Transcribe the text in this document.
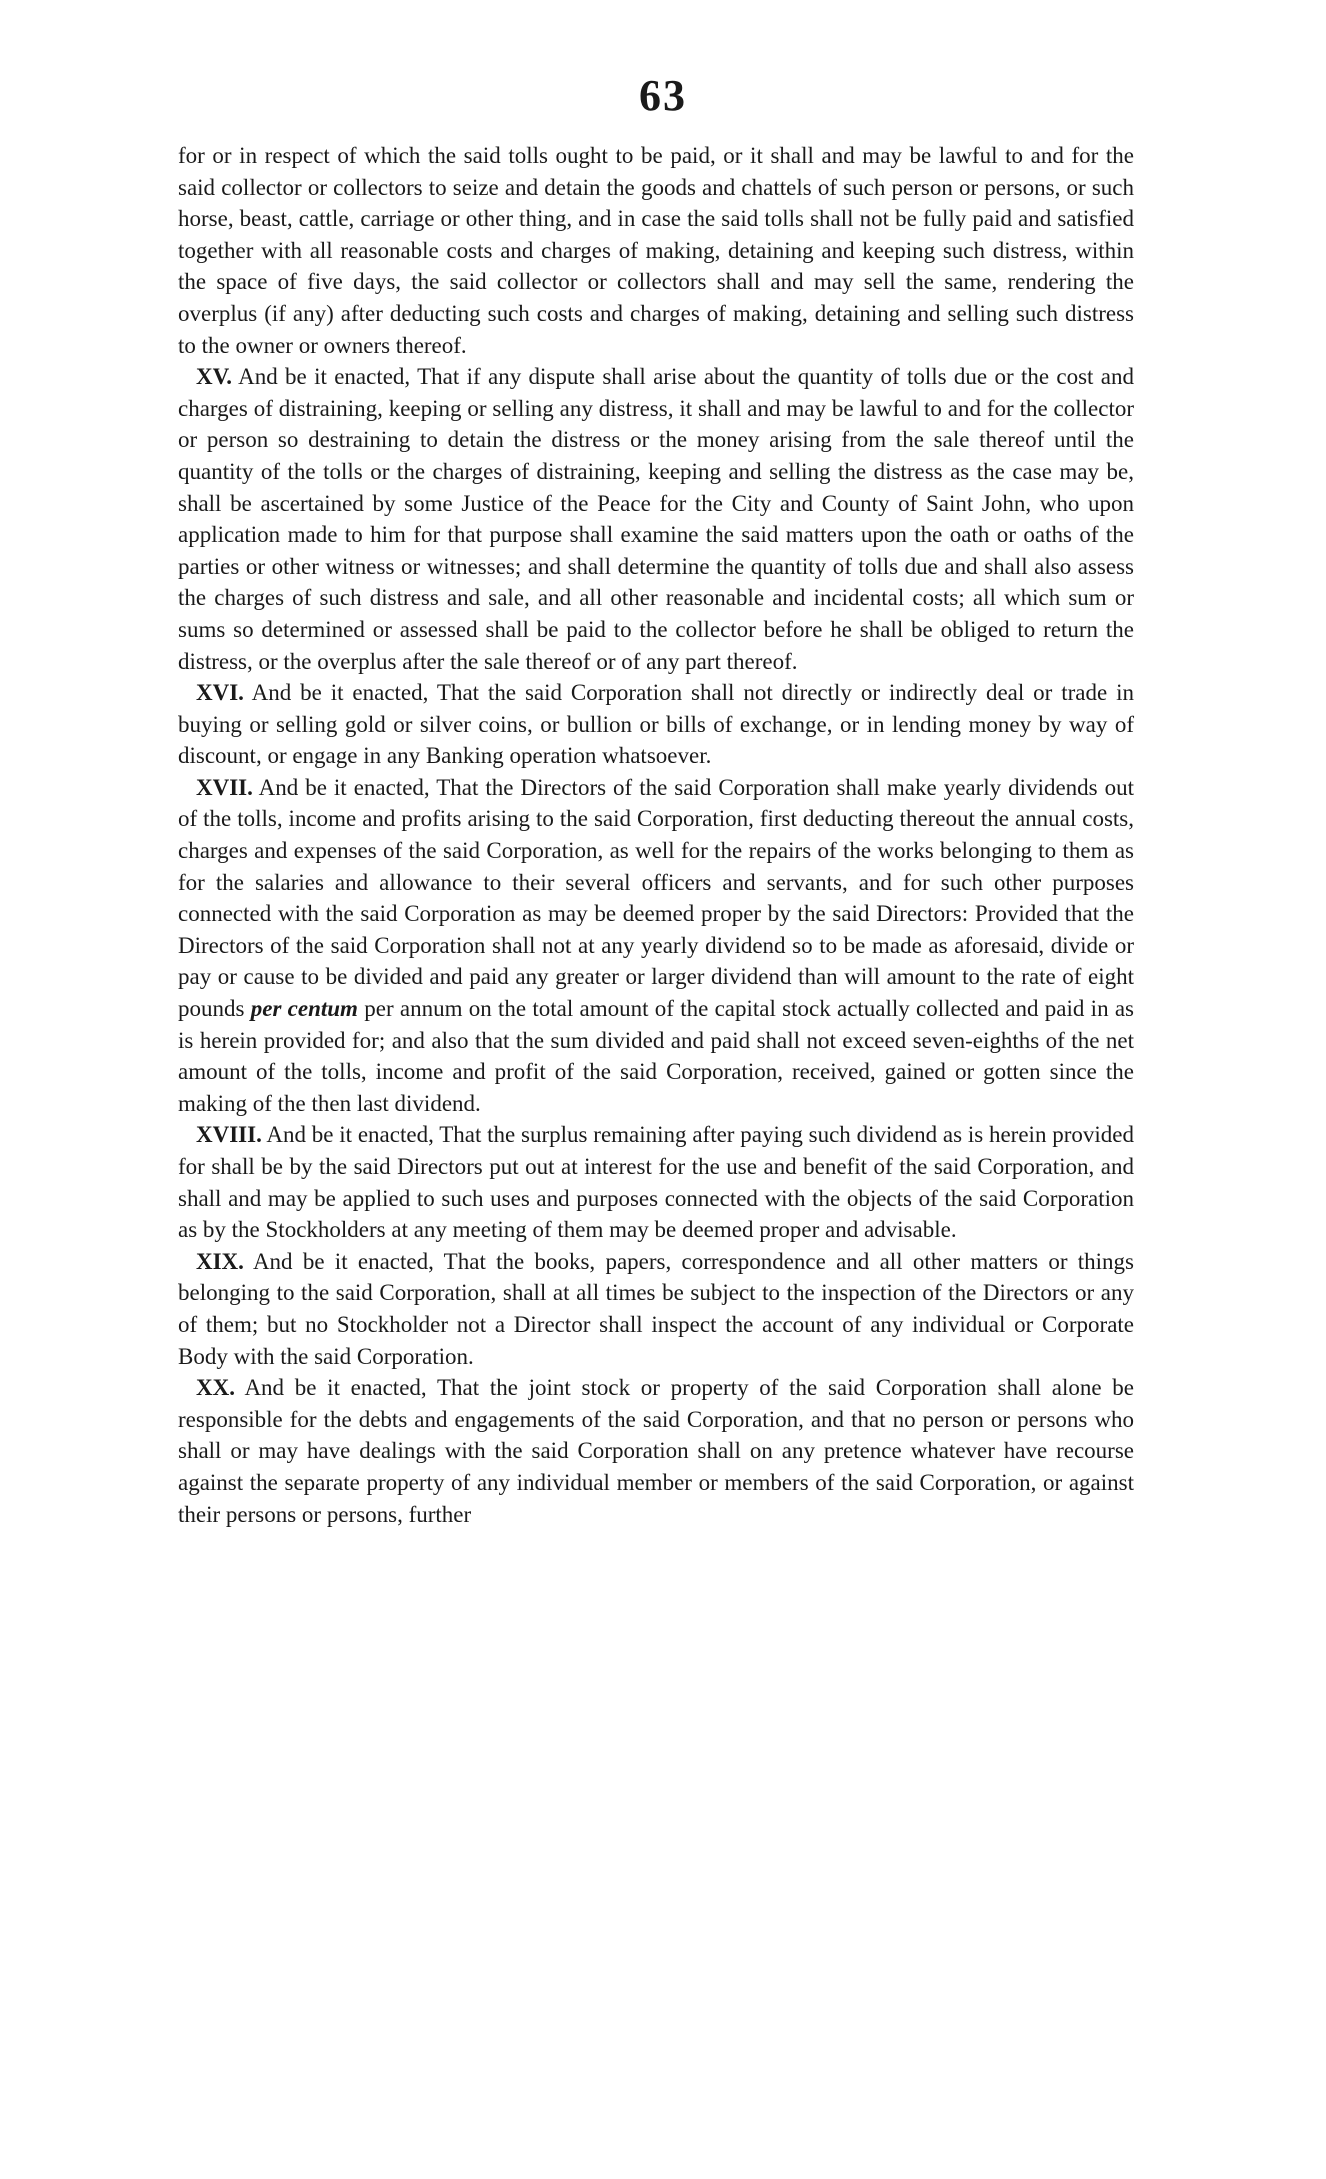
63

for or in respect of which the said tolls ought to be paid, or it shall and may be lawful to and for the said collector or collectors to seize and detain the goods and chattels of such person or persons, or such horse, beast, cattle, carriage or other thing, and in case the said tolls shall not be fully paid and satisfied together with all reasonable costs and charges of making, detaining and keeping such distress, within the space of five days, the said collector or collectors shall and may sell the same, rendering the overplus (if any) after deducting such costs and charges of making, detaining and selling such distress to the owner or owners thereof.

XV. And be it enacted, That if any dispute shall arise about the quantity of tolls due or the cost and charges of distraining, keeping or selling any distress, it shall and may be lawful to and for the collector or person so destraining to detain the distress or the money arising from the sale thereof until the quantity of the tolls or the charges of distraining, keeping and selling the distress as the case may be, shall be ascertained by some Justice of the Peace for the City and County of Saint John, who upon application made to him for that purpose shall examine the said matters upon the oath or oaths of the parties or other witness or witnesses; and shall determine the quantity of tolls due and shall also assess the charges of such distress and sale, and all other reasonable and incidental costs; all which sum or sums so determined or assessed shall be paid to the collector before he shall be obliged to return the distress, or the overplus after the sale thereof or of any part thereof.

XVI. And be it enacted, That the said Corporation shall not directly or indirectly deal or trade in buying or selling gold or silver coins, or bullion or bills of exchange, or in lending money by way of discount, or engage in any Banking operation whatsoever.

XVII. And be it enacted, That the Directors of the said Corporation shall make yearly dividends out of the tolls, income and profits arising to the said Corporation, first deducting thereout the annual costs, charges and expenses of the said Corporation, as well for the repairs of the works belonging to them as for the salaries and allowance to their several officers and servants, and for such other purposes connected with the said Corporation as may be deemed proper by the said Directors: Provided that the Directors of the said Corporation shall not at any yearly dividend so to be made as aforesaid, divide or pay or cause to be divided and paid any greater or larger dividend than will amount to the rate of eight pounds per centum per annum on the total amount of the capital stock actually collected and paid in as is herein provided for; and also that the sum divided and paid shall not exceed seven-eighths of the net amount of the tolls, income and profit of the said Corporation, received, gained or gotten since the making of the then last dividend.

XVIII. And be it enacted, That the surplus remaining after paying such dividend as is herein provided for shall be by the said Directors put out at interest for the use and benefit of the said Corporation, and shall and may be applied to such uses and purposes connected with the objects of the said Corporation as by the Stockholders at any meeting of them may be deemed proper and advisable.

XIX. And be it enacted, That the books, papers, correspondence and all other matters or things belonging to the said Corporation, shall at all times be subject to the inspection of the Directors or any of them; but no Stockholder not a Director shall inspect the account of any individual or Corporate Body with the said Corporation.

XX. And be it enacted, That the joint stock or property of the said Corporation shall alone be responsible for the debts and engagements of the said Corporation, and that no person or persons who shall or may have dealings with the said Corporation shall on any pretence whatever have recourse against the separate property of any individual member or members of the said Corporation, or against their persons or persons, further
